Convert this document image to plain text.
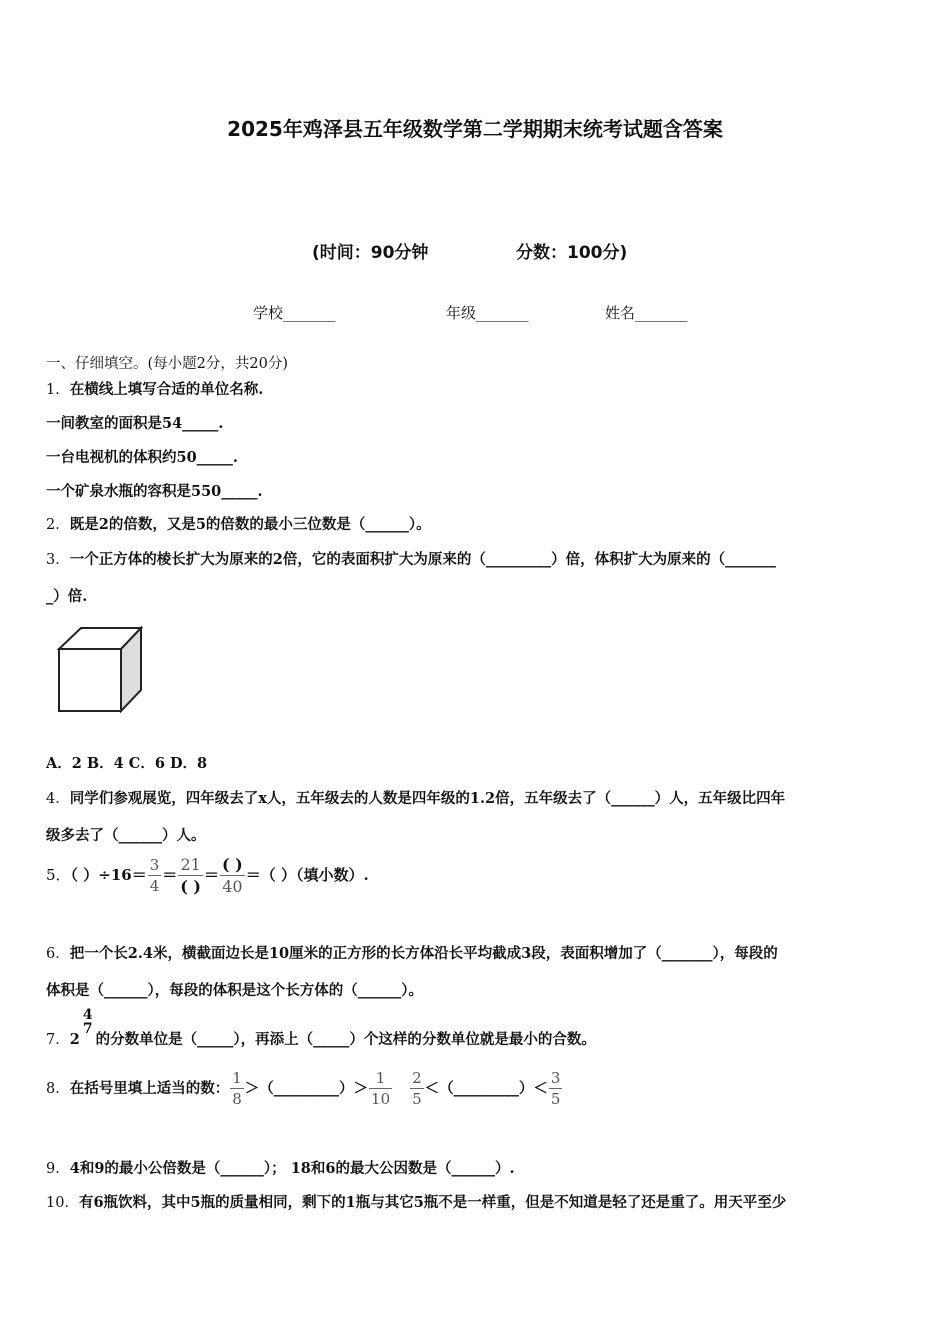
2025年鸡泽县五年级数学第二学期期末统考试题含答案
(时间：90分钟	分数：100分)
学校_______	年级_______	姓名_______
一、仔细填空。(每小题2分，共20分)
1．在横线上填写合适的单位名称.
一间教室的面积是54_____.
一台电视机的体积约50_____.
一个矿泉水瓶的容积是550_____.
2．既是2的倍数，又是5的倍数的最小三位数是（______）。
3．一个正方体的棱长扩大为原来的2倍，它的表面积扩大为原来的（_________）倍，体积扩大为原来的（_______
_）倍.
A．2 B．4 C．6 D．8
4．同学们参观展览，四年级去了x人，五年级去的人数是四年级的1.2倍，五年级去了（______）人，五年级比四年
级多去了（______）人。
5．（ ）$\div 16= \frac{3}{4} = \frac{21}{( )} = \frac{( )}{40}$ ＝（ ）（填小数）.
6．把一个长2.4米，横截面边长是10厘米的正方形的长方体沿长平均截成3段，表面积增加了（_______），每段的
体积是（______），每段的体积是这个长方体的（______）。
7．2
4
7
的分数单位是（_____），再添上（_____）个这样的分数单位就是最小的合数。
8．在括号里填上适当的数： $\frac{1}{8}$ ＞（_________）＞ $\frac{1}{10} \frac{2}{5}$ ＜（_________）＜ $\frac{3}{5}$
9．4和9的最小公倍数是（______）； 18和6的最大公因数是（______）.
10．有6瓶饮料，其中5瓶的质量相同，剩下的1瓶与其它5瓶不是一样重，但是不知道是轻了还是重了。用天平至少
